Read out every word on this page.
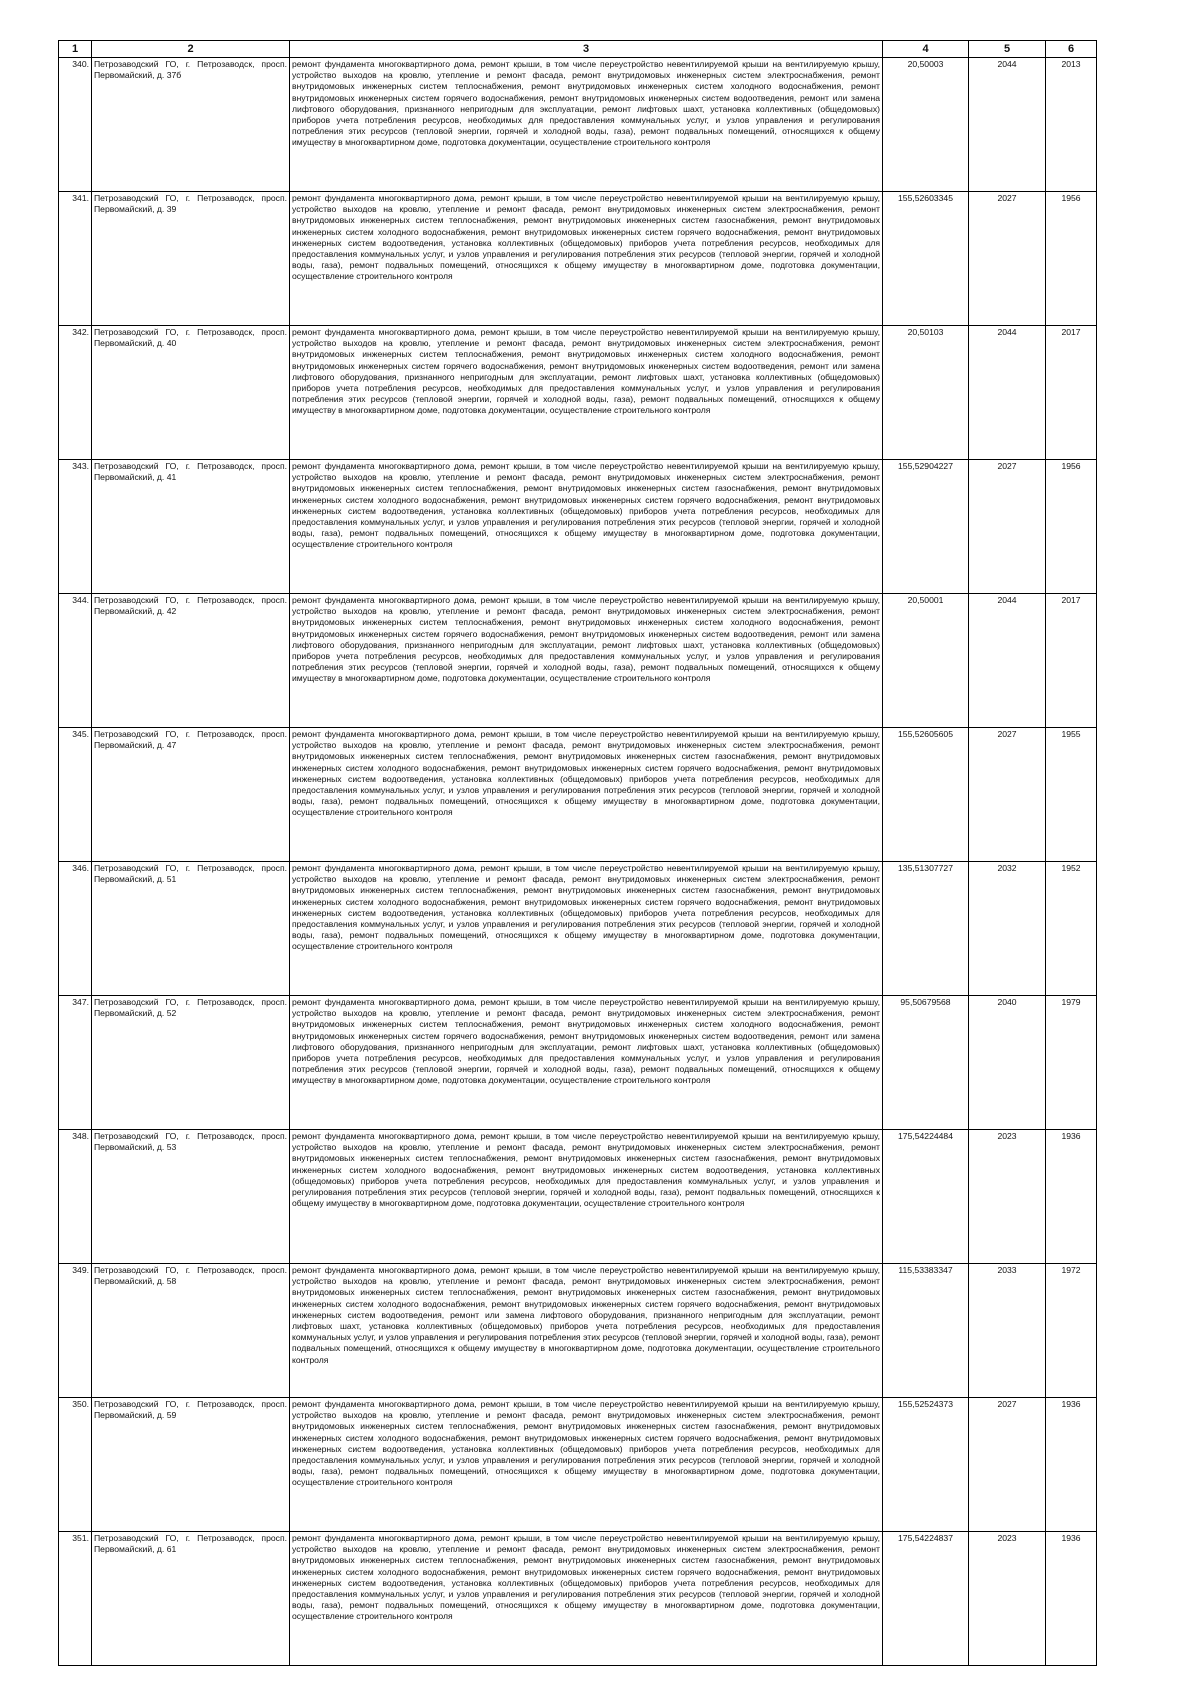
1	2	3	4	5	6
340.	Петрозаводский ГО, г. Петрозаводск, просп. Первомайский, д. 37б	ремонт фундамента многоквартирного дома, ремонт крыши, в том числе переустройство невентилируемой крыши на вентилируемую крышу, устройство выходов на кровлю, утепление и ремонт фасада, ремонт внутридомовых инженерных систем электроснабжения, ремонт внутридомовых инженерных систем теплоснабжения, ремонт внутридомовых инженерных систем холодного водоснабжения, ремонт внутридомовых инженерных систем горячего водоснабжения, ремонт внутридомовых инженерных систем водоотведения, ремонт или замена лифтового оборудования, признанного непригодным для эксплуатации, ремонт лифтовых шахт, установка коллективных (общедомовых) приборов учета потребления ресурсов, необходимых для предоставления коммунальных услуг, и узлов управления и регулирования потребления этих ресурсов (тепловой энергии, горячей и холодной воды, газа), ремонт подвальных помещений, относящихся к общему имуществу в многоквартирном доме, подготовка документации, осуществление строительного контроля	20,50003	2044	2013
341.	Петрозаводский ГО, г. Петрозаводск, просп. Первомайский, д. 39	ремонт фундамента многоквартирного дома, ремонт крыши, в том числе переустройство невентилируемой крыши на вентилируемую крышу, устройство выходов на кровлю, утепление и ремонт фасада, ремонт внутридомовых инженерных систем электроснабжения, ремонт внутридомовых инженерных систем теплоснабжения, ремонт внутридомовых инженерных систем газоснабжения, ремонт внутридомовых инженерных систем холодного водоснабжения, ремонт внутридомовых инженерных систем горячего водоснабжения, ремонт внутридомовых инженерных систем водоотведения, установка коллективных (общедомовых) приборов учета потребления ресурсов, необходимых для предоставления коммунальных услуг, и узлов управления и регулирования потребления этих ресурсов (тепловой энергии, горячей и холодной воды, газа), ремонт подвальных помещений, относящихся к общему имуществу в многоквартирном доме, подготовка документации, осуществление строительного контроля	155,52603345	2027	1956
342.	Петрозаводский ГО, г. Петрозаводск, просп. Первомайский, д. 40	ремонт фундамента многоквартирного дома, ремонт крыши, в том числе переустройство невентилируемой крыши на вентилируемую крышу, устройство выходов на кровлю, утепление и ремонт фасада, ремонт внутридомовых инженерных систем электроснабжения, ремонт внутридомовых инженерных систем теплоснабжения, ремонт внутридомовых инженерных систем холодного водоснабжения, ремонт внутридомовых инженерных систем горячего водоснабжения, ремонт внутридомовых инженерных систем водоотведения, ремонт или замена лифтового оборудования, признанного непригодным для эксплуатации, ремонт лифтовых шахт, установка коллективных (общедомовых) приборов учета потребления ресурсов, необходимых для предоставления коммунальных услуг, и узлов управления и регулирования потребления этих ресурсов (тепловой энергии, горячей и холодной воды, газа), ремонт подвальных помещений, относящихся к общему имуществу в многоквартирном доме, подготовка документации, осуществление строительного контроля	20,50103	2044	2017
343.	Петрозаводский ГО, г. Петрозаводск, просп. Первомайский, д. 41	ремонт фундамента многоквартирного дома, ремонт крыши, в том числе переустройство невентилируемой крыши на вентилируемую крышу, устройство выходов на кровлю, утепление и ремонт фасада, ремонт внутридомовых инженерных систем электроснабжения, ремонт внутридомовых инженерных систем теплоснабжения, ремонт внутридомовых инженерных систем газоснабжения, ремонт внутридомовых инженерных систем холодного водоснабжения, ремонт внутридомовых инженерных систем горячего водоснабжения, ремонт внутридомовых инженерных систем водоотведения, установка коллективных (общедомовых) приборов учета потребления ресурсов, необходимых для предоставления коммунальных услуг, и узлов управления и регулирования потребления этих ресурсов (тепловой энергии, горячей и холодной воды, газа), ремонт подвальных помещений, относящихся к общему имуществу в многоквартирном доме, подготовка документации, осуществление строительного контроля	155,52904227	2027	1956
344.	Петрозаводский ГО, г. Петрозаводск, просп. Первомайский, д. 42	ремонт фундамента многоквартирного дома, ремонт крыши, в том числе переустройство невентилируемой крыши на вентилируемую крышу, устройство выходов на кровлю, утепление и ремонт фасада, ремонт внутридомовых инженерных систем электроснабжения, ремонт внутридомовых инженерных систем теплоснабжения, ремонт внутридомовых инженерных систем холодного водоснабжения, ремонт внутридомовых инженерных систем горячего водоснабжения, ремонт внутридомовых инженерных систем водоотведения, ремонт или замена лифтового оборудования, признанного непригодным для эксплуатации, ремонт лифтовых шахт, установка коллективных (общедомовых) приборов учета потребления ресурсов, необходимых для предоставления коммунальных услуг, и узлов управления и регулирования потребления этих ресурсов (тепловой энергии, горячей и холодной воды, газа), ремонт подвальных помещений, относящихся к общему имуществу в многоквартирном доме, подготовка документации, осуществление строительного контроля	20,50001	2044	2017
345.	Петрозаводский ГО, г. Петрозаводск, просп. Первомайский, д. 47	ремонт фундамента многоквартирного дома, ремонт крыши, в том числе переустройство невентилируемой крыши на вентилируемую крышу, устройство выходов на кровлю, утепление и ремонт фасада, ремонт внутридомовых инженерных систем электроснабжения, ремонт внутридомовых инженерных систем теплоснабжения, ремонт внутридомовых инженерных систем газоснабжения, ремонт внутридомовых инженерных систем холодного водоснабжения, ремонт внутридомовых инженерных систем горячего водоснабжения, ремонт внутридомовых инженерных систем водоотведения, установка коллективных (общедомовых) приборов учета потребления ресурсов, необходимых для предоставления коммунальных услуг, и узлов управления и регулирования потребления этих ресурсов (тепловой энергии, горячей и холодной воды, газа), ремонт подвальных помещений, относящихся к общему имуществу в многоквартирном доме, подготовка документации, осуществление строительного контроля	155,52605605	2027	1955
346.	Петрозаводский ГО, г. Петрозаводск, просп. Первомайский, д. 51	ремонт фундамента многоквартирного дома, ремонт крыши, в том числе переустройство невентилируемой крыши на вентилируемую крышу, устройство выходов на кровлю, утепление и ремонт фасада, ремонт внутридомовых инженерных систем электроснабжения, ремонт внутридомовых инженерных систем теплоснабжения, ремонт внутридомовых инженерных систем газоснабжения, ремонт внутридомовых инженерных систем холодного водоснабжения, ремонт внутридомовых инженерных систем горячего водоснабжения, ремонт внутридомовых инженерных систем водоотведения, установка коллективных (общедомовых) приборов учета потребления ресурсов, необходимых для предоставления коммунальных услуг, и узлов управления и регулирования потребления этих ресурсов (тепловой энергии, горячей и холодной воды, газа), ремонт подвальных помещений, относящихся к общему имуществу в многоквартирном доме, подготовка документации, осуществление строительного контроля	135,51307727	2032	1952
347.	Петрозаводский ГО, г. Петрозаводск, просп. Первомайский, д. 52	ремонт фундамента многоквартирного дома, ремонт крыши, в том числе переустройство невентилируемой крыши на вентилируемую крышу, устройство выходов на кровлю, утепление и ремонт фасада, ремонт внутридомовых инженерных систем электроснабжения, ремонт внутридомовых инженерных систем теплоснабжения, ремонт внутридомовых инженерных систем холодного водоснабжения, ремонт внутридомовых инженерных систем горячего водоснабжения, ремонт внутридомовых инженерных систем водоотведения, ремонт или замена лифтового оборудования, признанного непригодным для эксплуатации, ремонт лифтовых шахт, установка коллективных (общедомовых) приборов учета потребления ресурсов, необходимых для предоставления коммунальных услуг, и узлов управления и регулирования потребления этих ресурсов (тепловой энергии, горячей и холодной воды, газа), ремонт подвальных помещений, относящихся к общему имуществу в многоквартирном доме, подготовка документации, осуществление строительного контроля	95,50679568	2040	1979
348.	Петрозаводский ГО, г. Петрозаводск, просп. Первомайский, д. 53	ремонт фундамента многоквартирного дома, ремонт крыши, в том числе переустройство невентилируемой крыши на вентилируемую крышу, устройство выходов на кровлю, утепление и ремонт фасада, ремонт внутридомовых инженерных систем электроснабжения, ремонт внутридомовых инженерных систем теплоснабжения, ремонт внутридомовых инженерных систем газоснабжения, ремонт внутридомовых инженерных систем холодного водоснабжения, ремонт внутридомовых инженерных систем водоотведения, установка коллективных (общедомовых) приборов учета потребления ресурсов, необходимых для предоставления коммунальных услуг, и узлов управления и регулирования потребления этих ресурсов (тепловой энергии, горячей и холодной воды, газа), ремонт подвальных помещений, относящихся к общему имуществу в многоквартирном доме, подготовка документации, осуществление строительного контроля	175,54224484	2023	1936
349.	Петрозаводский ГО, г. Петрозаводск, просп. Первомайский, д. 58	ремонт фундамента многоквартирного дома, ремонт крыши, в том числе переустройство невентилируемой крыши на вентилируемую крышу, устройство выходов на кровлю, утепление и ремонт фасада, ремонт внутридомовых инженерных систем электроснабжения, ремонт внутридомовых инженерных систем теплоснабжения, ремонт внутридомовых инженерных систем газоснабжения, ремонт внутридомовых инженерных систем холодного водоснабжения, ремонт внутридомовых инженерных систем горячего водоснабжения, ремонт внутридомовых инженерных систем водоотведения, ремонт или замена лифтового оборудования, признанного непригодным для эксплуатации, ремонт лифтовых шахт, установка коллективных (общедомовых) приборов учета потребления ресурсов, необходимых для предоставления коммунальных услуг, и узлов управления и регулирования потребления этих ресурсов (тепловой энергии, горячей и холодной воды, газа), ремонт подвальных помещений, относящихся к общему имуществу в многоквартирном доме, подготовка документации, осуществление строительного контроля	115,53383347	2033	1972
350.	Петрозаводский ГО, г. Петрозаводск, просп. Первомайский, д. 59	ремонт фундамента многоквартирного дома, ремонт крыши, в том числе переустройство невентилируемой крыши на вентилируемую крышу, устройство выходов на кровлю, утепление и ремонт фасада, ремонт внутридомовых инженерных систем электроснабжения, ремонт внутридомовых инженерных систем теплоснабжения, ремонт внутридомовых инженерных систем газоснабжения, ремонт внутридомовых инженерных систем холодного водоснабжения, ремонт внутридомовых инженерных систем горячего водоснабжения, ремонт внутридомовых инженерных систем водоотведения, установка коллективных (общедомовых) приборов учета потребления ресурсов, необходимых для предоставления коммунальных услуг, и узлов управления и регулирования потребления этих ресурсов (тепловой энергии, горячей и холодной воды, газа), ремонт подвальных помещений, относящихся к общему имуществу в многоквартирном доме, подготовка документации, осуществление строительного контроля	155,52524373	2027	1936
351.	Петрозаводский ГО, г. Петрозаводск, просп. Первомайский, д. 61	ремонт фундамента многоквартирного дома, ремонт крыши, в том числе переустройство невентилируемой крыши на вентилируемую крышу, устройство выходов на кровлю, утепление и ремонт фасада, ремонт внутридомовых инженерных систем электроснабжения, ремонт внутридомовых инженерных систем теплоснабжения, ремонт внутридомовых инженерных систем газоснабжения, ремонт внутридомовых инженерных систем холодного водоснабжения, ремонт внутридомовых инженерных систем горячего водоснабжения, ремонт внутридомовых инженерных систем водоотведения, установка коллективных (общедомовых) приборов учета потребления ресурсов, необходимых для предоставления коммунальных услуг, и узлов управления и регулирования потребления этих ресурсов (тепловой энергии, горячей и холодной воды, газа), ремонт подвальных помещений, относящихся к общему имуществу в многоквартирном доме, подготовка документации, осуществление строительного контроля	175,54224837	2023	1936
